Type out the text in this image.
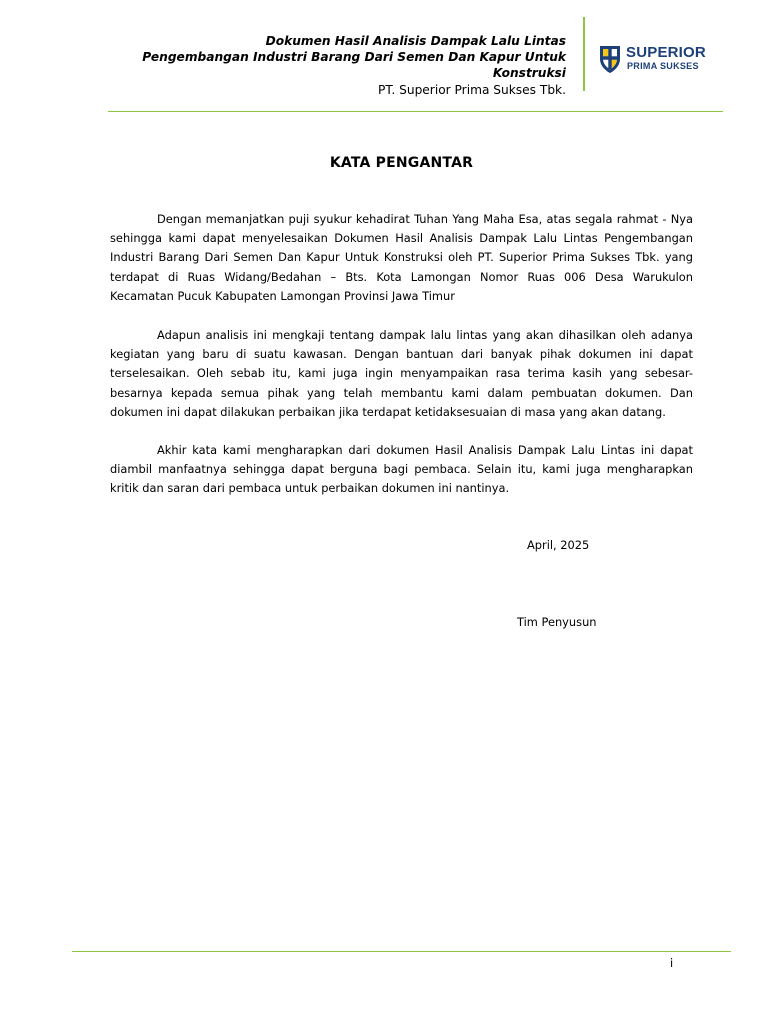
Dokumen Hasil Analisis Dampak Lalu Lintas
Pengembangan Industri Barang Dari Semen Dan Kapur Untuk
Konstruksi
PT. Superior Prima Sukses Tbk.
SUPERIOR
PRIMA SUKSES
KATA PENGANTAR

Dengan memanjatkan puji syukur kehadirat Tuhan Yang Maha Esa, atas segala rahmat - Nya sehingga kami dapat menyelesaikan Dokumen Hasil Analisis Dampak Lalu Lintas Pengembangan Industri Barang Dari Semen Dan Kapur Untuk Konstruksi oleh PT. Superior Prima Sukses Tbk. yang terdapat di Ruas Widang/Bedahan – Bts. Kota Lamongan Nomor Ruas 006 Desa Warukulon Kecamatan Pucuk Kabupaten Lamongan Provinsi Jawa Timur

Adapun analisis ini mengkaji tentang dampak lalu lintas yang akan dihasilkan oleh adanya kegiatan yang baru di suatu kawasan. Dengan bantuan dari banyak pihak dokumen ini dapat terselesaikan. Oleh sebab itu, kami juga ingin menyampaikan rasa terima kasih yang sebesar-besarnya kepada semua pihak yang telah membantu kami dalam pembuatan dokumen. Dan dokumen ini dapat dilakukan perbaikan jika terdapat ketidaksesuaian di masa yang akan datang.

Akhir kata kami mengharapkan dari dokumen Hasil Analisis Dampak Lalu Lintas ini dapat diambil manfaatnya sehingga dapat berguna bagi pembaca. Selain itu, kami juga mengharapkan kritik dan saran dari pembaca untuk perbaikan dokumen ini nantinya.

April, 2025
Tim Penyusun
i
